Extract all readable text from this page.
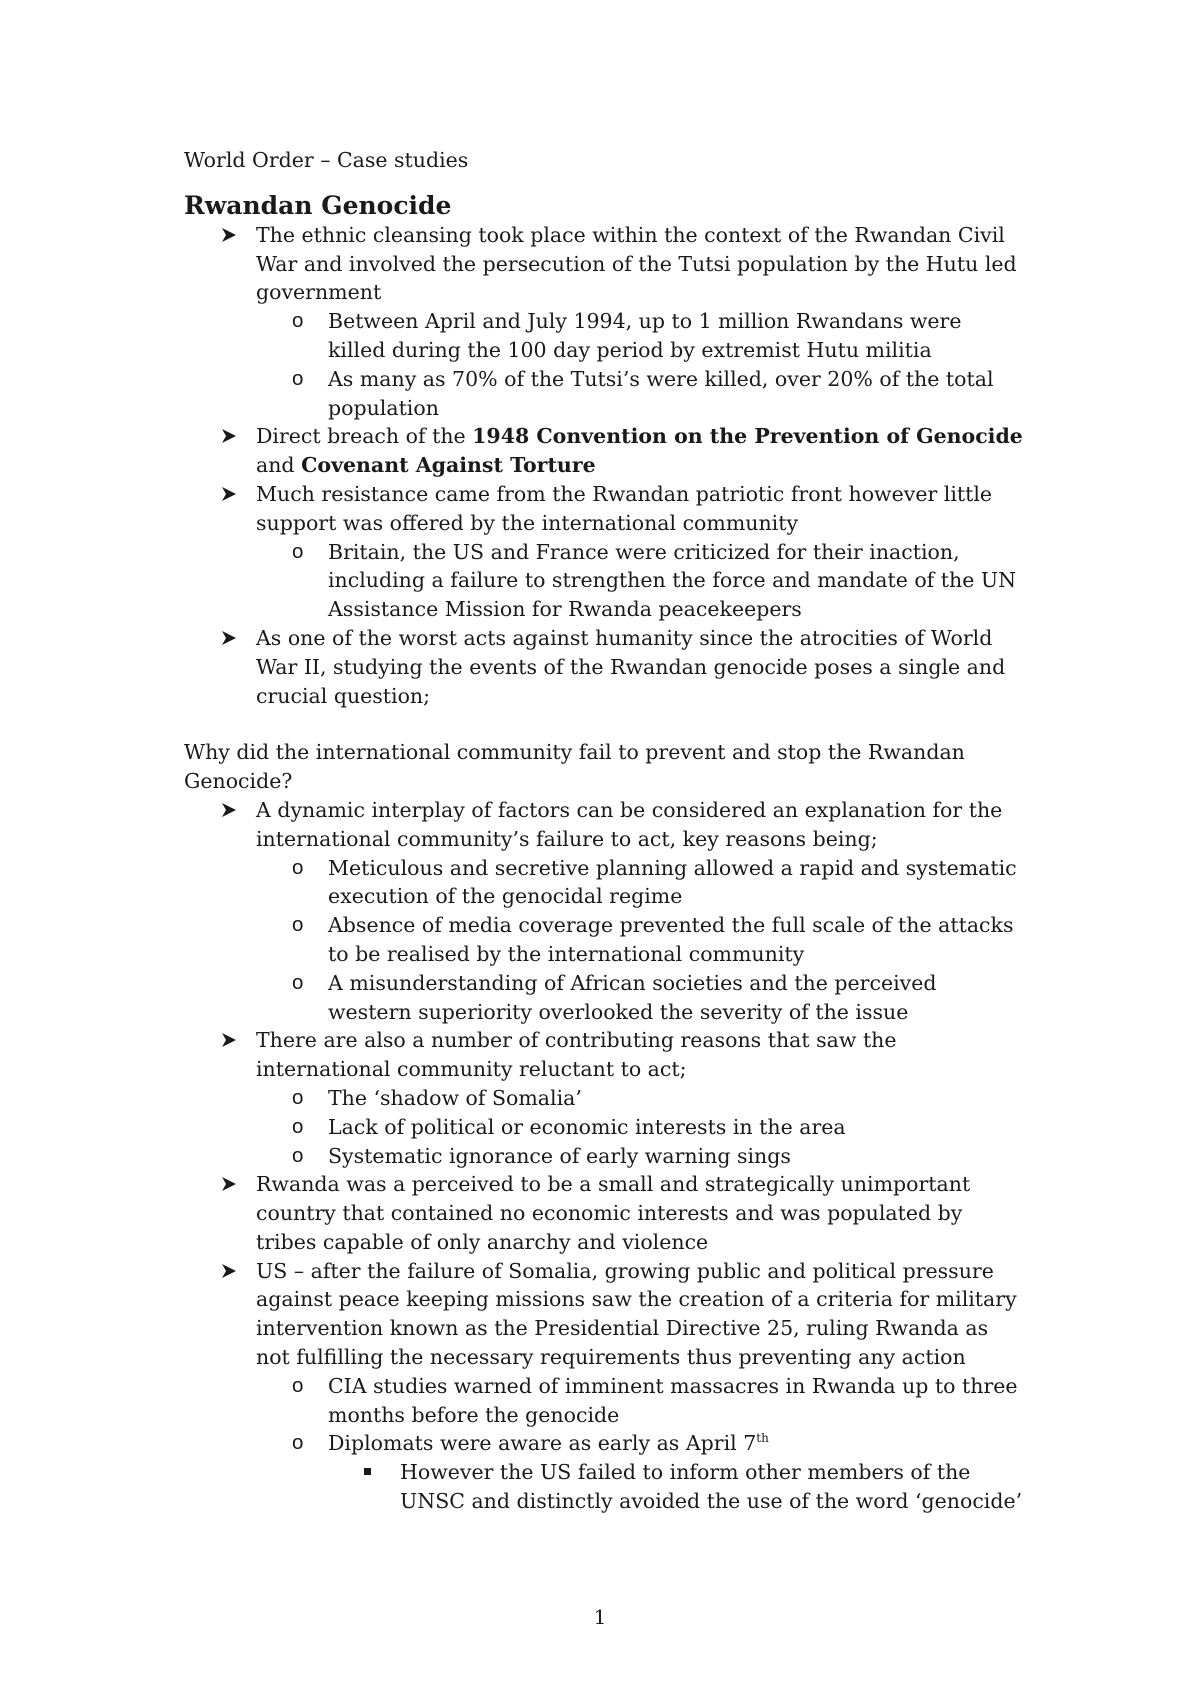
World Order – Case studies
Rwandan Genocide
The ethnic cleansing took place within the context of the Rwandan Civil War and involved the persecution of the Tutsi population by the Hutu led government
o	Between April and July 1994, up to 1 million Rwandans were killed during the 100 day period by extremist Hutu militia
o	As many as 70% of the Tutsi’s were killed, over 20% of the total population
Direct breach of the 1948 Convention on the Prevention of Genocide and Covenant Against Torture
Much resistance came from the Rwandan patriotic front however little support was offered by the international community
o	Britain, the US and France were criticized for their inaction, including a failure to strengthen the force and mandate of the UN Assistance Mission for Rwanda peacekeepers
As one of the worst acts against humanity since the atrocities of World War II, studying the events of the Rwandan genocide poses a single and crucial question;
Why did the international community fail to prevent and stop the Rwandan Genocide?
A dynamic interplay of factors can be considered an explanation for the international community’s failure to act, key reasons being;
o	Meticulous and secretive planning allowed a rapid and systematic execution of the genocidal regime
o	Absence of media coverage prevented the full scale of the attacks to be realised by the international community
o	A misunderstanding of African societies and the perceived western superiority overlooked the severity of the issue
There are also a number of contributing reasons that saw the international community reluctant to act;
o	The ‘shadow of Somalia’
o	Lack of political or economic interests in the area
o	Systematic ignorance of early warning sings
Rwanda was a perceived to be a small and strategically unimportant country that contained no economic interests and was populated by tribes capable of only anarchy and violence
US – after the failure of Somalia, growing public and political pressure against peace keeping missions saw the creation of a criteria for military intervention known as the Presidential Directive 25, ruling Rwanda as not fulfilling the necessary requirements thus preventing any action
o	CIA studies warned of imminent massacres in Rwanda up to three months before the genocide
o	Diplomats were aware as early as April 7th
However the US failed to inform other members of the UNSC and distinctly avoided the use of the word ‘genocide’
1
